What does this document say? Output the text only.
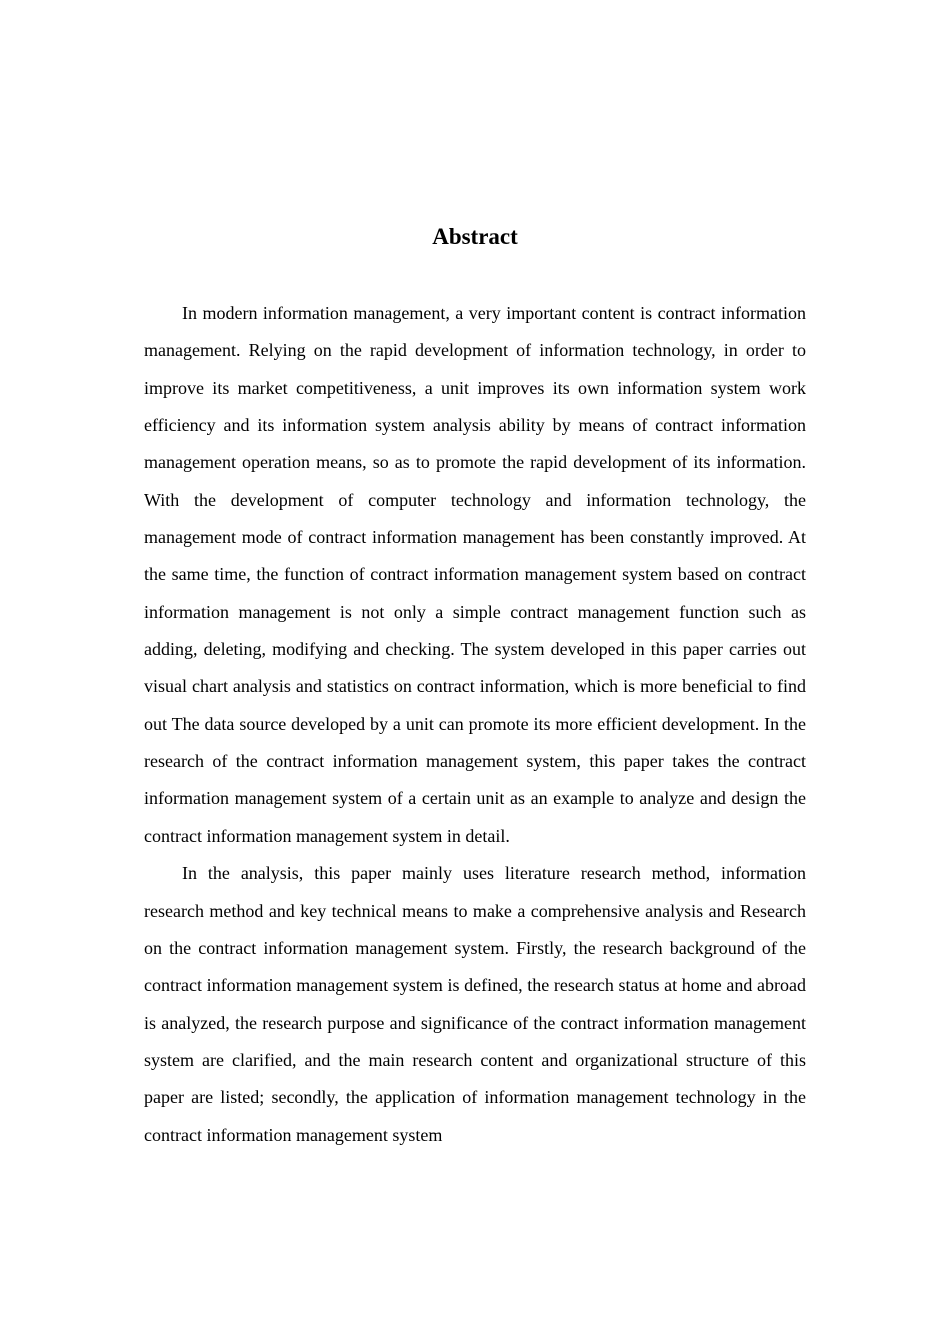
Abstract

In modern information management, a very important content is contract information management. Relying on the rapid development of information technology, in order to improve its market competitiveness, a unit improves its own information system work efficiency and its information system analysis ability by means of contract information management operation means, so as to promote the rapid development of its information. With the development of computer technology and information technology, the management mode of contract information management has been constantly improved. At the same time, the function of contract information management system based on contract information management is not only a simple contract management function such as adding, deleting, modifying and checking. The system developed in this paper carries out visual chart analysis and statistics on contract information, which is more beneficial to find out The data source developed by a unit can promote its more efficient development. In the research of the contract information management system, this paper takes the contract information management system of a certain unit as an example to analyze and design the contract information management system in detail.

In the analysis, this paper mainly uses literature research method, information research method and key technical means to make a comprehensive analysis and Research on the contract information management system. Firstly, the research background of the contract information management system is defined, the research status at home and abroad is analyzed, the research purpose and significance of the contract information management system are clarified, and the main research content and organizational structure of this paper are listed; secondly, the application of information management technology in the contract information management system
